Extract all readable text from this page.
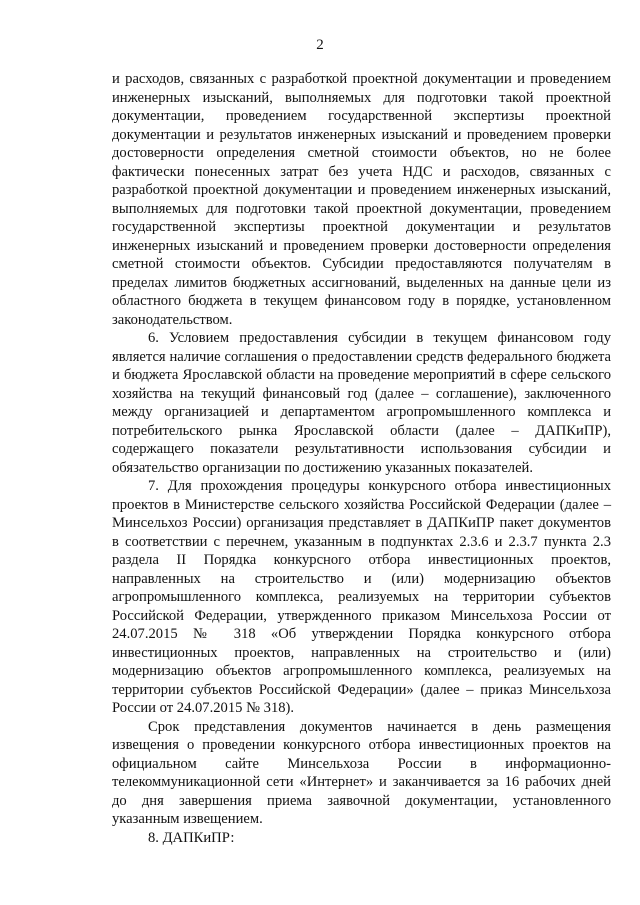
2

и расходов, связанных с разработкой проектной документации и проведением инженерных изысканий, выполняемых для подготовки такой проектной документации, проведением государственной экспертизы проектной документации и результатов инженерных изысканий и проведением проверки достоверности определения сметной стоимости объектов, но не более фактически понесенных затрат без учета НДС и расходов, связанных с разработкой проектной документации и проведением инженерных изысканий, выполняемых для подготовки такой проектной документации, проведением государственной экспертизы проектной документации и результатов инженерных изысканий и проведением проверки достоверности определения сметной стоимости объектов. Субсидии предоставляются получателям в пределах лимитов бюджетных ассигнований, выделенных на данные цели из областного бюджета в текущем финансовом году в порядке, установленном законодательством.

6. Условием предоставления субсидии в текущем финансовом году является наличие соглашения о предоставлении средств федерального бюджета и бюджета Ярославской области на проведение мероприятий в сфере сельского хозяйства на текущий финансовый год (далее – соглашение), заключенного между организацией и департаментом агропромышленного комплекса и потребительского рынка Ярославской области (далее – ДАПКиПР), содержащего показатели результативности использования субсидии и обязательство организации по достижению указанных показателей.

7. Для прохождения процедуры конкурсного отбора инвестиционных проектов в Министерстве сельского хозяйства Российской Федерации (далее – Минсельхоз России) организация представляет в ДАПКиПР пакет документов в соответствии с перечнем, указанным в подпунктах 2.3.6 и 2.3.7 пункта 2.3 раздела II Порядка конкурсного отбора инвестиционных проектов, направленных на строительство и (или) модернизацию объектов агропромышленного комплекса, реализуемых на территории субъектов Российской Федерации, утвержденного приказом Минсельхоза России от 24.07.2015 № 318 «Об утверждении Порядка конкурсного отбора инвестиционных проектов, направленных на строительство и (или) модернизацию объектов агропромышленного комплекса, реализуемых на территории субъектов Российской Федерации» (далее – приказ Минсельхоза России от 24.07.2015 № 318).

Срок представления документов начинается в день размещения извещения о проведении конкурсного отбора инвестиционных проектов на официальном сайте Минсельхоза России в информационно-телекоммуникационной сети «Интернет» и заканчивается за 16 рабочих дней до дня завершения приема заявочной документации, установленного указанным извещением.

8. ДАПКиПР:
